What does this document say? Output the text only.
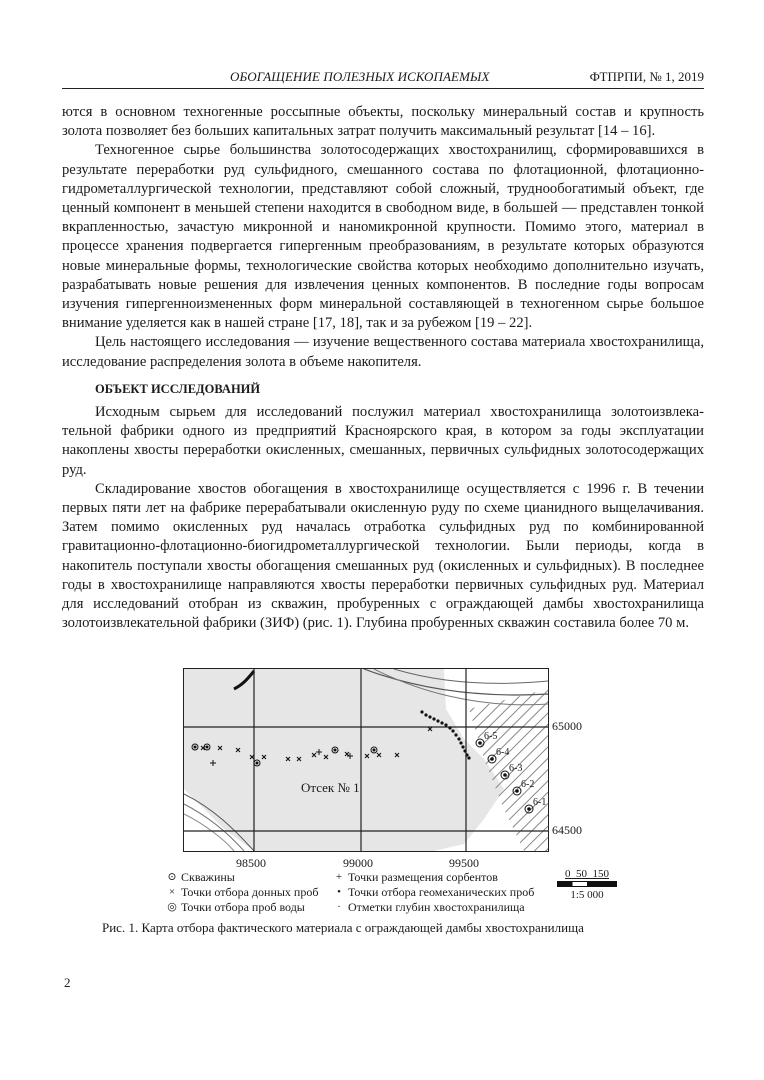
ОБОГАЩЕНИЕ ПОЛЕЗНЫХ ИСКОПАЕМЫХ	ФТПРПИ, № 1, 2019

ются в основном техногенные россыпные объекты, поскольку минеральный состав и крупность золота позволяет без больших капитальных затрат получить максимальный результат [14 – 16].

Техногенное сырье большинства золотосодержащих хвостохранилищ, сформировавшихся в результате переработки руд сульфидного, смешанного состава по флотационной, флотационно-гидрометаллургической технологии, представляют собой сложный, труднообогатимый объект, где ценный компонент в меньшей степени находится в свободном виде, в большей — представлен тонкой вкрапленностью, зачастую микронной и наномикронной крупности. Помимо этого, материал в процессе хранения подвергается гипергенным преобразованиям, в результате которых образуются новые минеральные формы, технологические свойства которых необходимо дополнительно изучать, разрабатывать новые решения для извлечения ценных компонентов. В последние годы вопросам изучения гипергенноизмененных форм минеральной составляющей в техногенном сырье большое внимание уделяется как в нашей стране [17, 18], так и за рубежом [19 – 22].

Цель настоящего исследования — изучение вещественного состава материала хвостохранилища, исследование распределения золота в объеме накопителя.

ОБЪЕКТ ИССЛЕДОВАНИЙ

Исходным сырьем для исследований послужил материал хвостохранилища золотоизвлекательной фабрики одного из предприятий Красноярского края, в котором за годы эксплуатации накоплены хвосты переработки окисленных, смешанных, первичных сульфидных золотосодержащих руд.

Складирование хвостов обогащения в хвостохранилище осуществляется с 1996 г. В течении первых пяти лет на фабрике перерабатывали окисленную руду по схеме цианидного выщелачивания. Затем помимо окисленных руд началась отработка сульфидных руд по комбинированной гравитационно-флотационно-биогидрометаллургической технологии. Были периоды, когда в накопитель поступали хвосты обогащения смешанных руд (окисленных и сульфидных). В последнее годы в хвостохранилище направляются хвосты переработки первичных сульфидных руд. Материал для исследований отобран из скважин, пробуренных с ограждающей дамбы хвостохранилища золотоизвлекательной фабрики (ЗИФ) (рис. 1). Глубина пробуренных скважин составила более 70 м.

Отсек № 1
6-5
6-4
6-3
6-2
6-1
98500	99000	99500
65000
64500
⊙ Скважины
× Точки отбора донных проб
◎ Точки отбора проб воды
+ Точки размещения сорбентов
• Точки отбора геомеханических проб
· Отметки глубин хвостохранилища
0  50  150
1:5 000
Рис. 1. Карта отбора фактического материала с ограждающей дамбы хвостохранилища
2
